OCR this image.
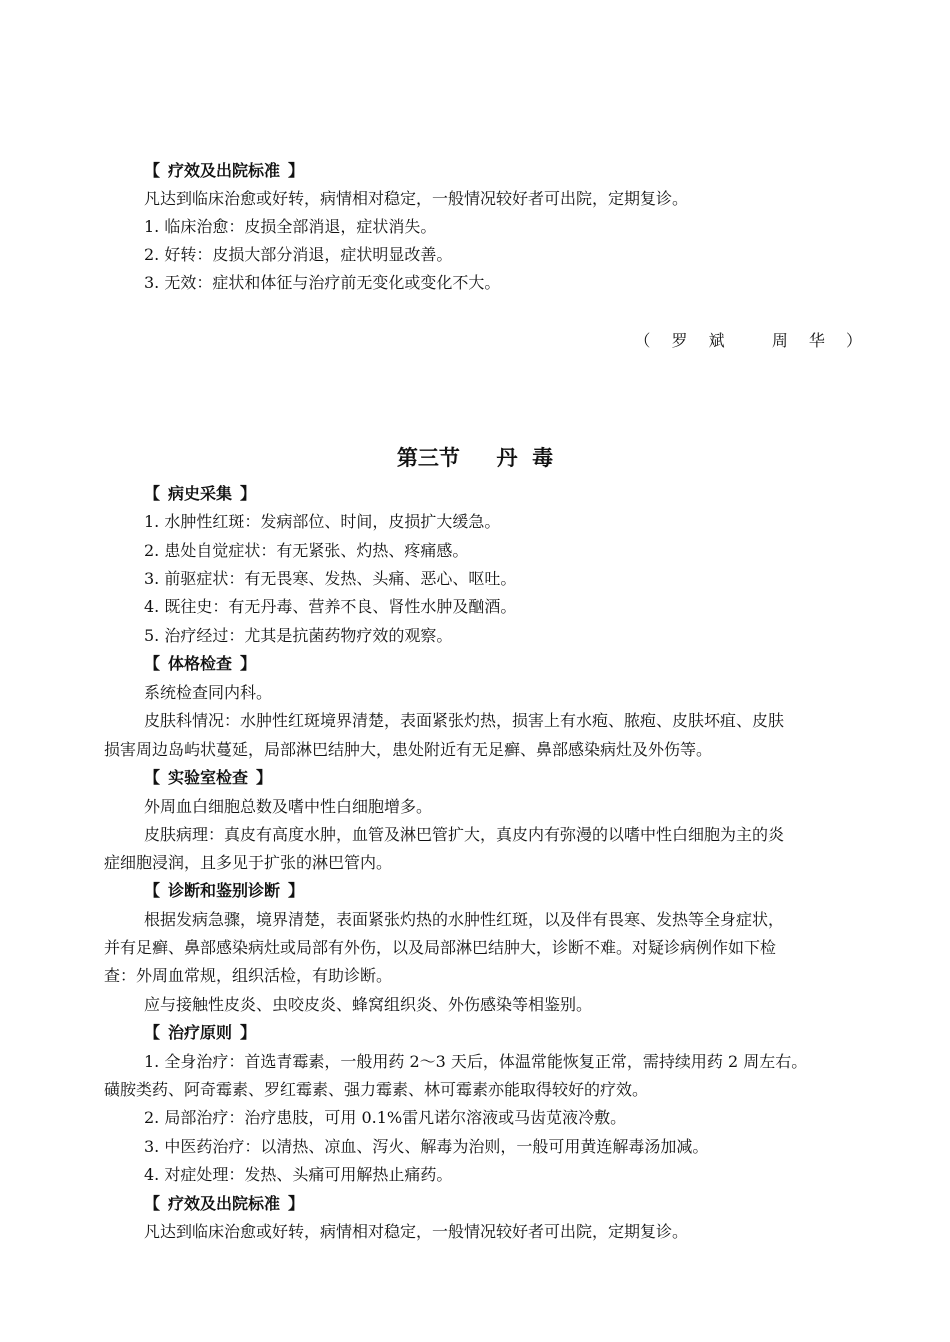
【 疗效及出院标准 】
凡达到临床治愈或好转，病情相对稳定，一般情况较好者可出院，定期复诊。
1. 临床治愈：皮损全部消退，症状消失。
2. 好转：皮损大部分消退，症状明显改善。
3. 无效：症状和体征与治疗前无变化或变化不大。
（ 罗 斌   周 华 ）
第三节     丹  毒
【 病史采集 】
1. 水肿性红斑：发病部位、时间，皮损扩大缓急。
2. 患处自觉症状：有无紧张、灼热、疼痛感。
3. 前驱症状：有无畏寒、发热、头痛、恶心、呕吐。
4. 既往史：有无丹毒、营养不良、肾性水肿及酗酒。
5. 治疗经过：尤其是抗菌药物疗效的观察。
【 体格检查 】
系统检查同内科。
皮肤科情况：水肿性红斑境界清楚，表面紧张灼热，损害上有水疱、脓疱、皮肤坏疽、皮肤
损害周边岛屿状蔓延，局部淋巴结肿大，患处附近有无足癣、鼻部感染病灶及外伤等。
【 实验室检查 】
外周血白细胞总数及嗜中性白细胞增多。
皮肤病理：真皮有高度水肿，血管及淋巴管扩大，真皮内有弥漫的以嗜中性白细胞为主的炎
症细胞浸润，且多见于扩张的淋巴管内。
【 诊断和鉴别诊断 】
根据发病急骤，境界清楚，表面紧张灼热的水肿性红斑，以及伴有畏寒、发热等全身症状，
并有足癣、鼻部感染病灶或局部有外伤，以及局部淋巴结肿大，诊断不难。对疑诊病例作如下检
查：外周血常规，组织活检，有助诊断。
应与接触性皮炎、虫咬皮炎、蜂窝组织炎、外伤感染等相鉴别。
【 治疗原则 】
1. 全身治疗：首选青霉素，一般用药 2～3 天后，体温常能恢复正常，需持续用药 2 周左右。
磺胺类药、阿奇霉素、罗红霉素、强力霉素、林可霉素亦能取得较好的疗效。
2. 局部治疗：治疗患肢，可用 0.1%雷凡诺尔溶液或马齿苋液冷敷。
3. 中医药治疗：以清热、凉血、泻火、解毒为治则，一般可用黄连解毒汤加减。
4. 对症处理：发热、头痛可用解热止痛药。
【 疗效及出院标准 】
凡达到临床治愈或好转，病情相对稳定，一般情况较好者可出院，定期复诊。
